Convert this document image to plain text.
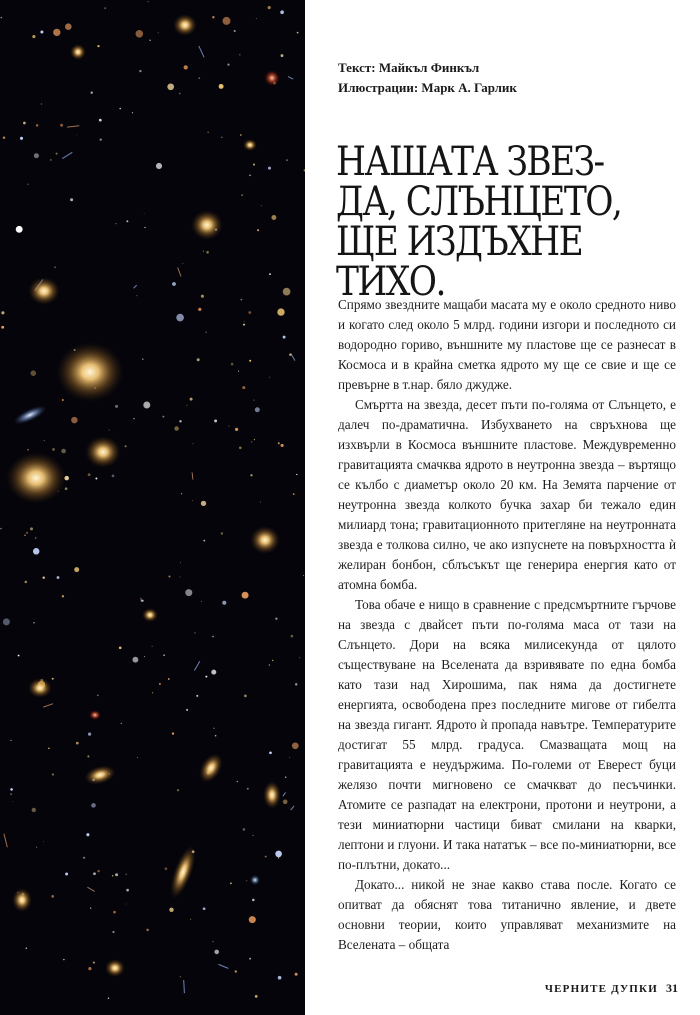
Текст: Майкъл Финкъл
Илюстрации: Марк А. Гарлик
НАШАТА ЗВЕЗ-
ДА, СЛЪНЦЕТО,
ЩЕ ИЗДЪХНЕ
ТИХО.

Спрямо звездните мащаби масата му е около средното ниво и когато след около 5 млрд. години изгори и последното си водородно гориво, външните му пластове ще се разнесат в Космоса и в крайна сметка ядрото му ще се свие и ще се превърне в т.нар. бяло джудже.

Смъртта на звезда, десет пъти по-голяма от Слънцето, е далеч по-драматична. Избухването на свръхнова ще изхвърли в Космоса външните пластове. Междувременно гравитацията смачква ядрото в неутронна звезда – въртящо се кълбо с диаметър около 20 км. На Земята парчение от неутронна звезда колкото бучка захар би тежало един милиард тона; гравитационното притегляне на неутронната звезда е толкова силно, че ако изпуснете на повърхността ѝ желиран бонбон, сблъсъкът ще генерира енергия като от атомна бомба.

Това обаче е нищо в сравнение с предсмъртните гърчове на звезда с двайсет пъти по-голяма маса от тази на Слънцето. Дори на всяка милисекунда от цялото съществуване на Вселената да взривявате по една бомба като тази над Хирошима, пак няма да достигнете енергията, освободена през последните мигове от гибелта на звезда гигант. Ядрото ѝ пропада навътре. Температурите достигат 55 млрд. градуса. Смазващата мощ на гравитацията е неудържима. По-големи от Еверест буци желязо почти мигновено се смачкват до песъчинки. Атомите се разпадат на електрони, протони и неутрони, а тези миниатюрни частици биват смилани на кварки, лептони и глуони. И така нататък – все по-миниатюрни, все по-плътни, докато...

Докато... никой не знае какво става после. Когато се опитват да обяснят това титанично явление, и двете основни теории, които управляват механизмите на Вселената – общата

ЧЕРНИТЕ ДУПКИ 31
